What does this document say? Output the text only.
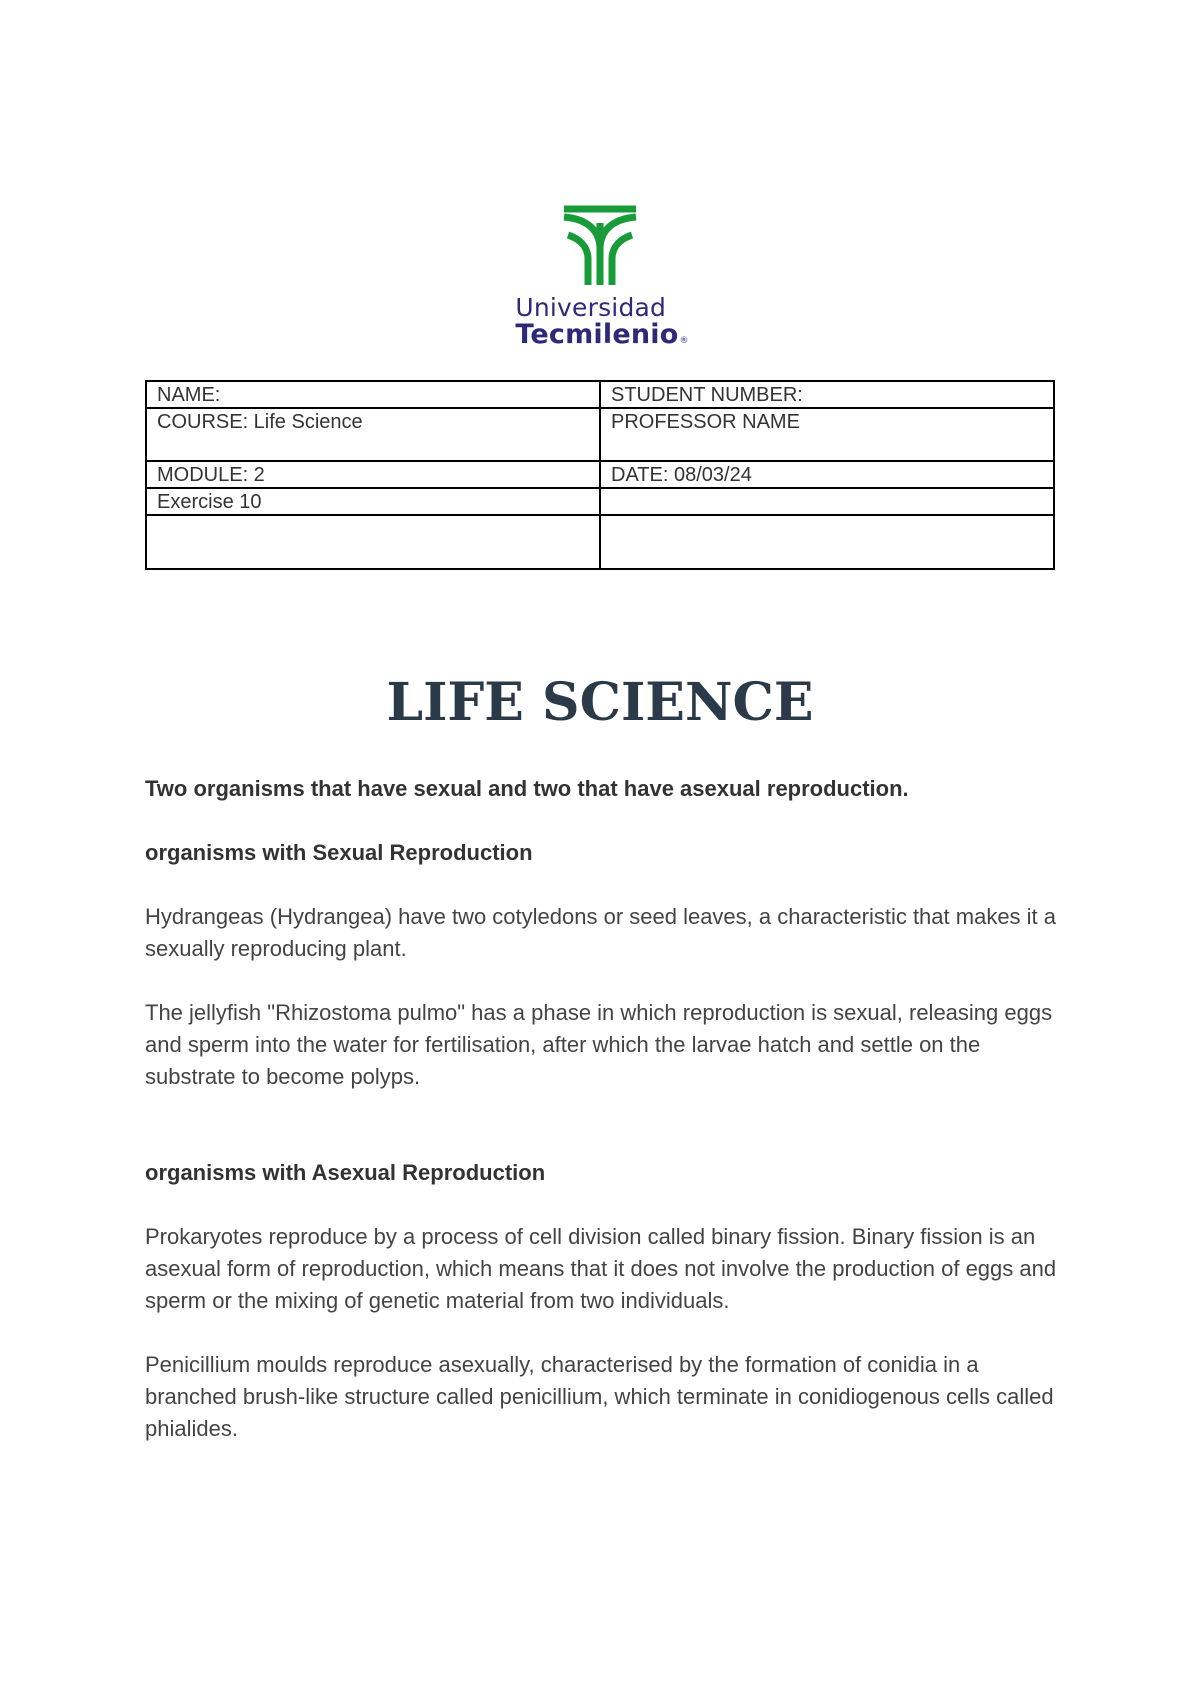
Universidad
Tecmilenio®
NAME:	STUDENT NUMBER:
COURSE: Life Science	PROFESSOR NAME
MODULE: 2	DATE: 08/03/24
Exercise 10	

LIFE SCIENCE

Two organisms that have sexual and two that have asexual reproduction.

organisms with Sexual Reproduction

Hydrangeas (Hydrangea) have two cotyledons or seed leaves, a characteristic that makes it a sexually reproducing plant.

The jellyfish "Rhizostoma pulmo" has a phase in which reproduction is sexual, releasing eggs and sperm into the water for fertilisation, after which the larvae hatch and settle on the substrate to become polyps.

organisms with Asexual Reproduction

Prokaryotes reproduce by a process of cell division called binary fission. Binary fission is an asexual form of reproduction, which means that it does not involve the production of eggs and sperm or the mixing of genetic material from two individuals.

Penicillium moulds reproduce asexually, characterised by the formation of conidia in a branched brush-like structure called penicillium, which terminate in conidiogenous cells called phialides.
